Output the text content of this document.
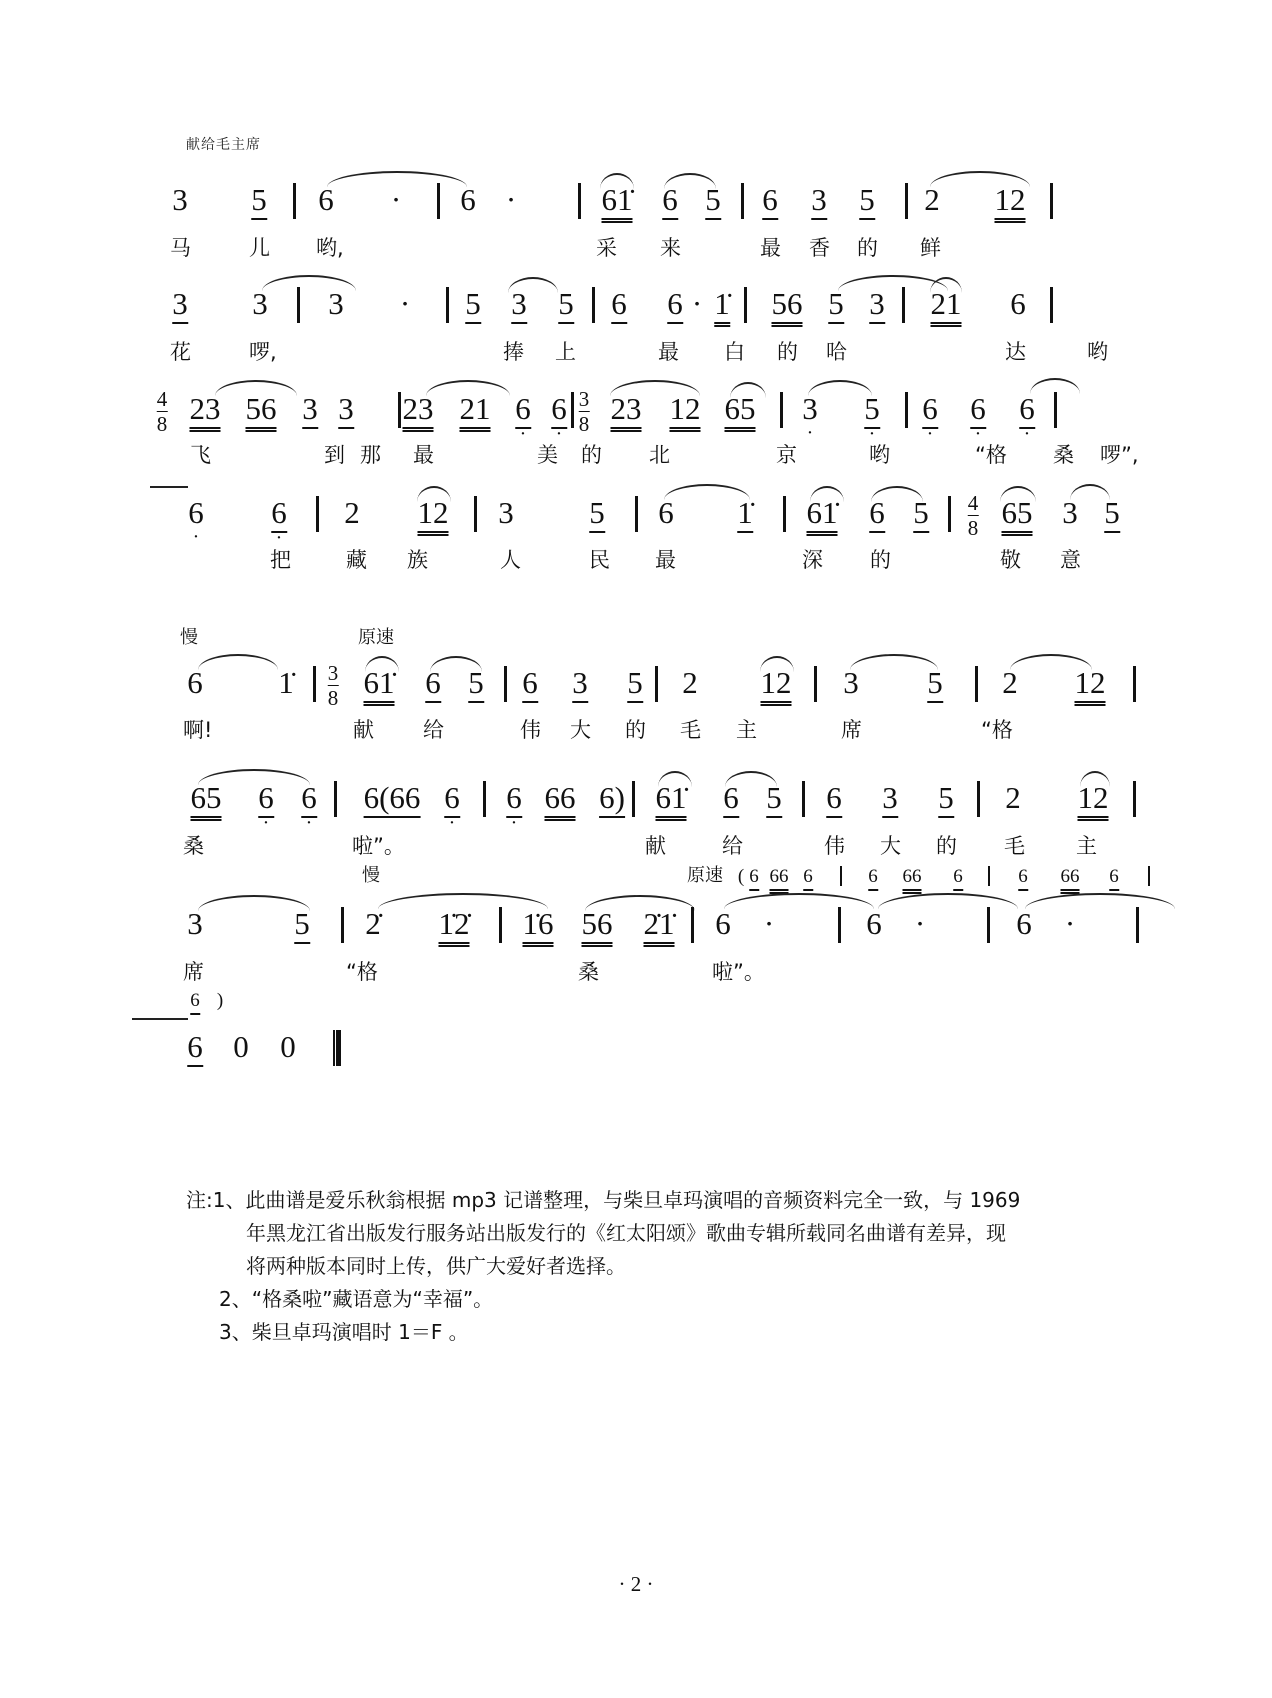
献给毛主席
3 5 6 · 6 ·	61̇ 6 5 6 3 5 2 12
马	儿 哟,	采 来	最 香 的 鲜
3 3 3 · 5 3 5 6 6 · 1̇ 56 5 3 21 6
花	啰,	捧 上	最 白 的 哈	达	哟
4
8 23 56 3 3 23 21 6 · 6 · 3
8 23 12 65 3 · 5 · 6 · 6 · 6 ·
飞	到 那 最	美 的 北	京	哟	“格 桑 啰”,
6 · 6 · 2 12 3 5 6 1̇ 61̇ 6 5 4
8 65 3 5
把	藏 族	人	民 最	深 的	敬 意
慢	原速
6 1̇ 3
8 61̇ 6 5 6 3 5 2 12 3 5 2 12
啊!	献 给	伟 大 的 毛 主	席	“格
65 6 · 6 · 6(66 6 · 6 · 66 6) 61̇ 6 5 6 3 5 2 12
桑	啦”。	献	给	伟 大 的 毛 主
慢	原速 ( 6 66 6	6 66 6	6 66 6
3	5 2̇ 1̇2̇ 1̇6 56 2̇1̇ 6 ·	6 ·	6 ·
席	“格	桑	啦”。
6 )
6 0 0
注:1、此曲谱是爱乐秋翁根据 mp3 记谱整理，与柴旦卓玛演唱的音频资料完全一致，与 1969
年黑龙江省出版发行服务站出版发行的《红太阳颂》歌曲专辑所载同名曲谱有差异，现
将两种版本同时上传，供广大爱好者选择。
2、“格桑啦”藏语意为“幸福”。
3、柴旦卓玛演唱时 1＝F 。
· 2 ·
